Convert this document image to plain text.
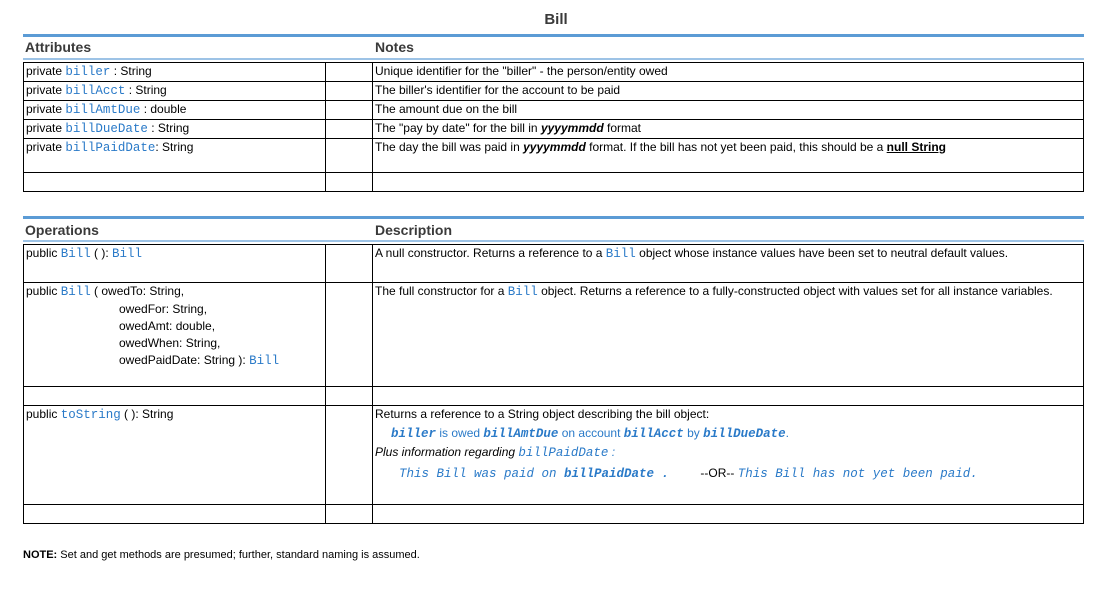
Bill
Attributes	Notes
private biller : String		Unique identifier for the "biller" - the person/entity owed
private billAcct : String		The biller's identifier for the account to be paid
private billAmtDue : double		The amount due on the bill
private billDueDate : String		The "pay by date" for the bill in yyyymmdd format
private billPaidDate: String		The day the bill was paid in yyyymmdd format. If the bill has not yet been paid, this should be a null String

Operations	Description
public Bill ( ): Bill		A null constructor. Returns a reference to a Bill object whose instance values have been set to neutral default values.
public Bill ( owedTo: String,
owedFor: String,
owedAmt: double,
owedWhen: String,
owedPaidDate: String ): Bill		The full constructor for a Bill object. Returns a reference to a fully-constructed object with values set for all instance variables.

public toString ( ): String		Returns a reference to a String object describing the bill object:
biller is owed billAmtDue on account billAcct by billDueDate.
Plus information regarding billPaidDate :
This Bill was paid on billPaidDate . --OR-- This Bill has not yet been paid.

NOTE: Set and get methods are presumed; further, standard naming is assumed.
